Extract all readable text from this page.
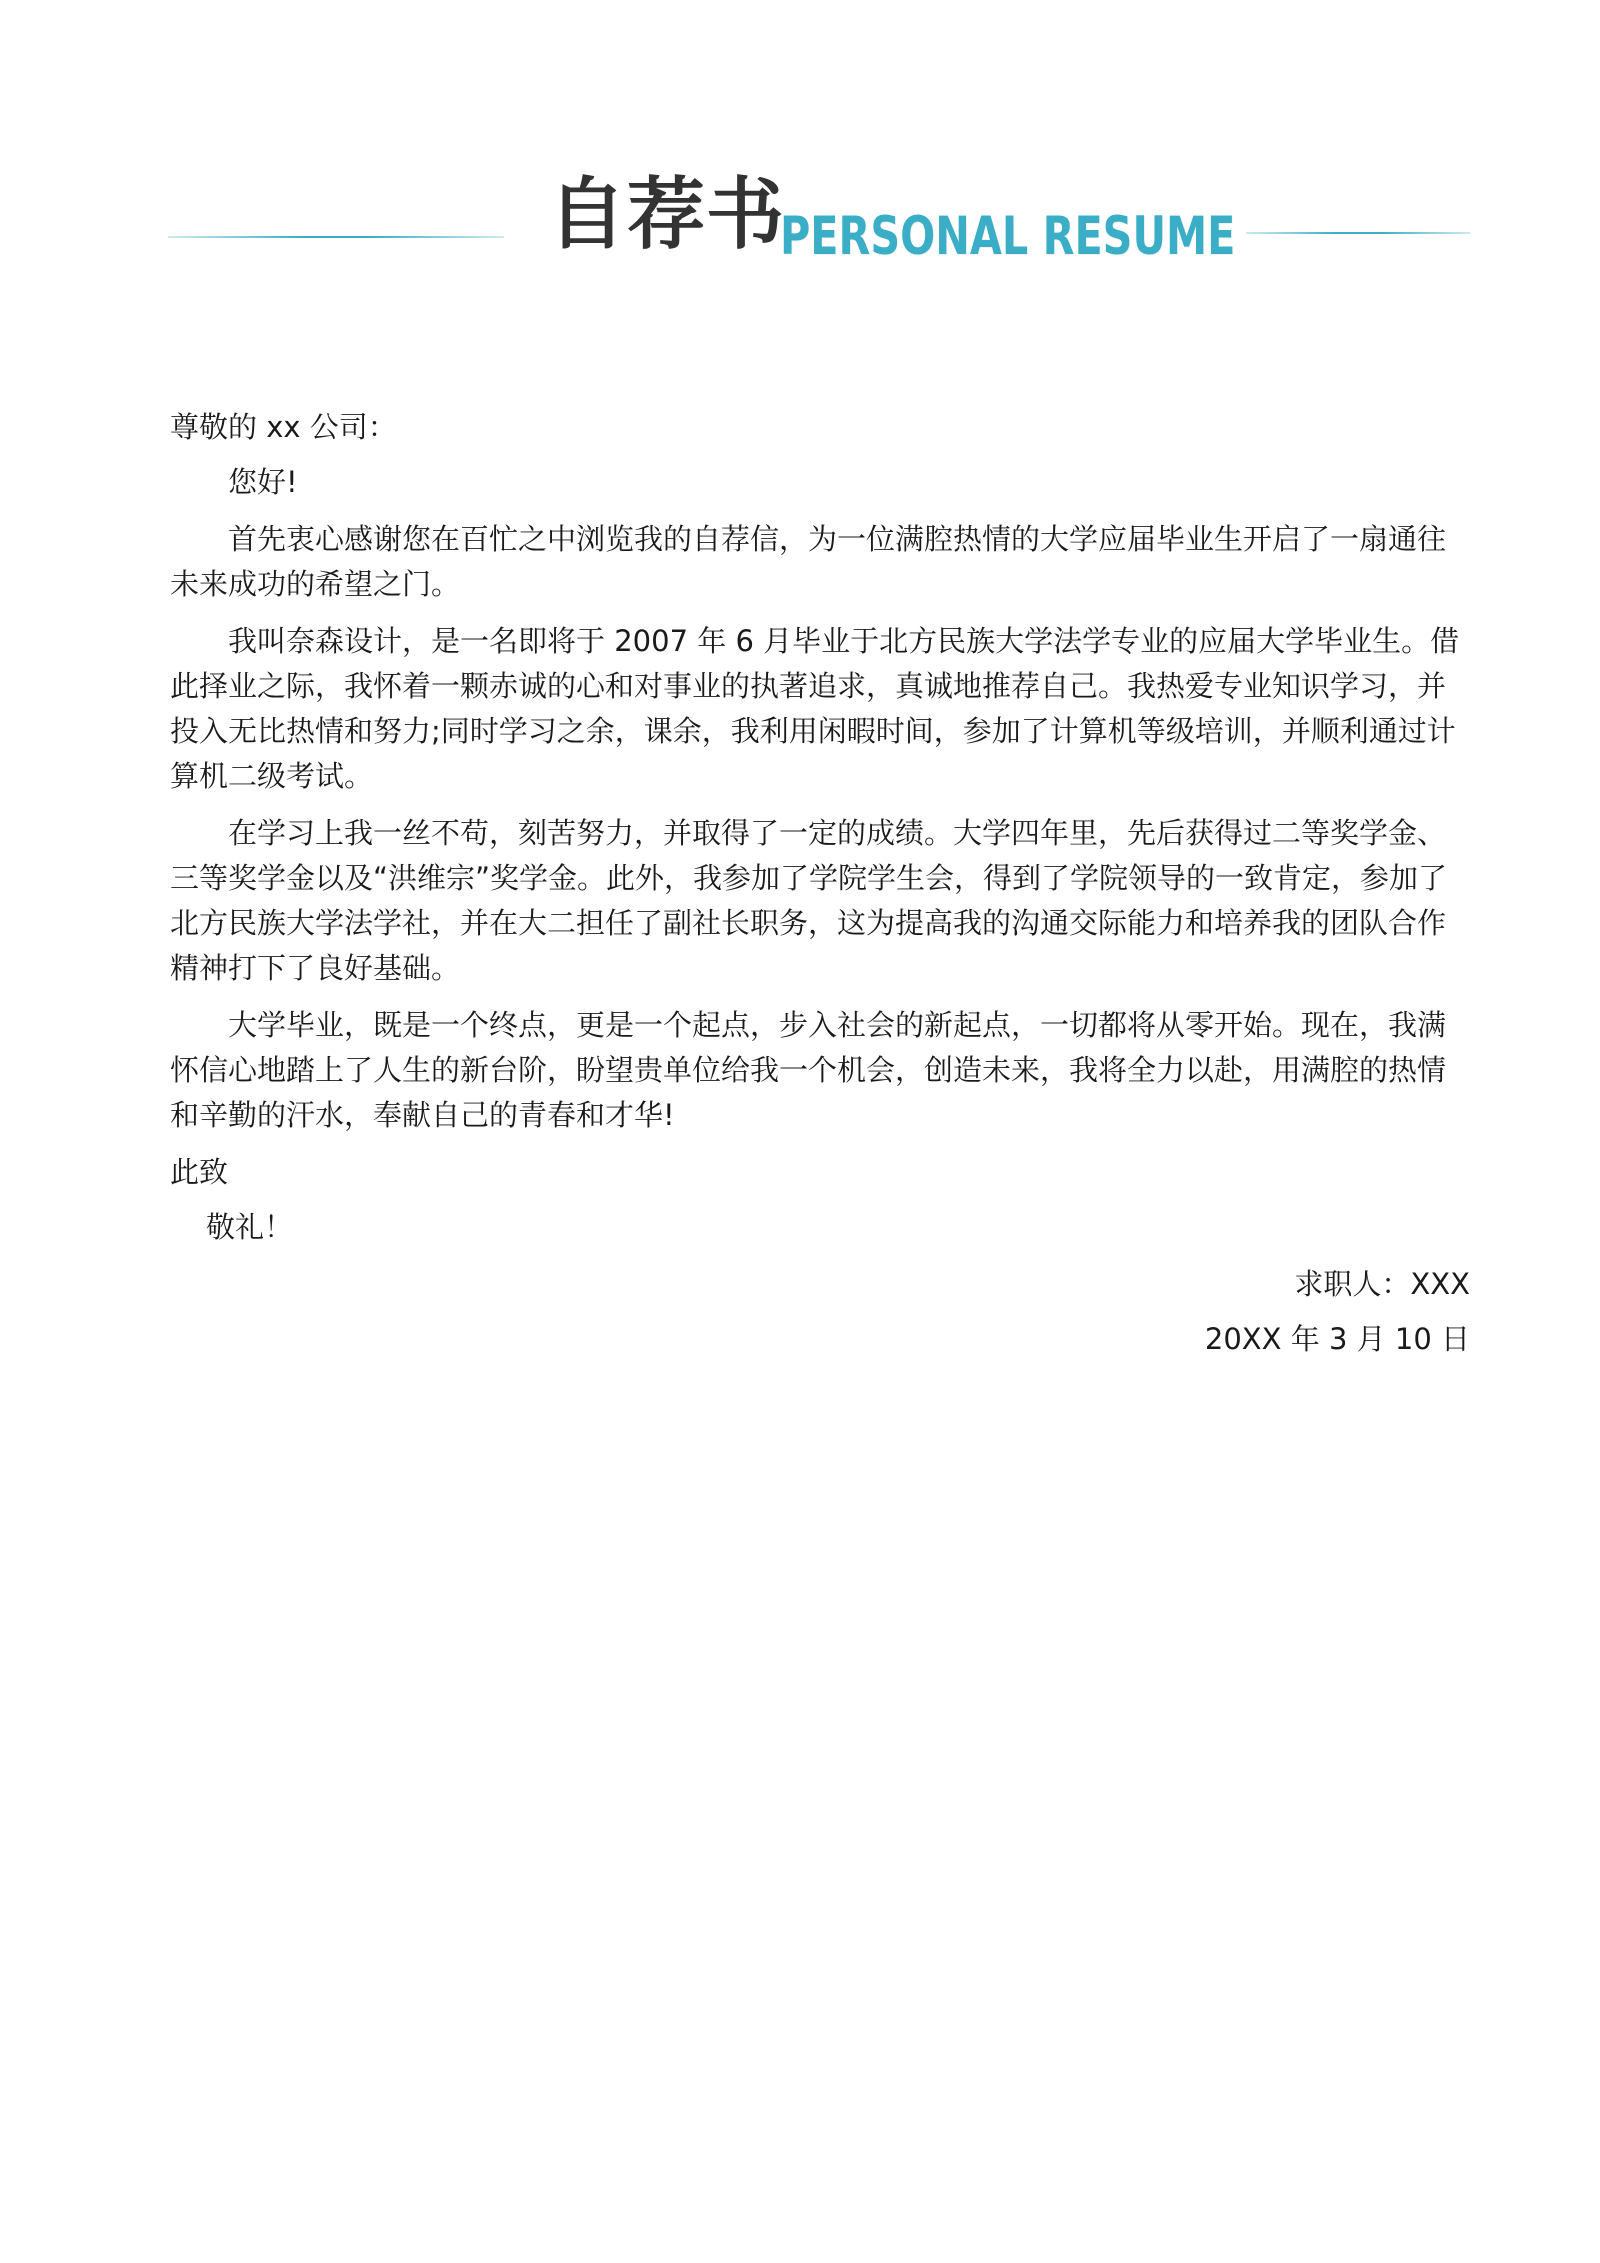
自荐书
PERSONAL RESUME

尊敬的 xx 公司：

您好!

首先衷心感谢您在百忙之中浏览我的自荐信，为一位满腔热情的大学应届毕业生开启了一扇通往未来成功的希望之门。

我叫奈森设计，是一名即将于 2007 年 6 月毕业于北方民族大学法学专业的应届大学毕业生。借此择业之际，我怀着一颗赤诚的心和对事业的执著追求，真诚地推荐自己。我热爱专业知识学习，并投入无比热情和努力;同时学习之余，课余，我利用闲暇时间，参加了计算机等级培训，并顺利通过计算机二级考试。

在学习上我一丝不苟，刻苦努力，并取得了一定的成绩。大学四年里，先后获得过二等奖学金、三等奖学金以及“洪维宗”奖学金。此外，我参加了学院学生会，得到了学院领导的一致肯定，参加了北方民族大学法学社，并在大二担任了副社长职务，这为提高我的沟通交际能力和培养我的团队合作精神打下了良好基础。

大学毕业，既是一个终点，更是一个起点，步入社会的新起点，一切都将从零开始。现在，我满怀信心地踏上了人生的新台阶，盼望贵单位给我一个机会，创造未来，我将全力以赴，用满腔的热情和辛勤的汗水，奉献自己的青春和才华!

此致

敬礼！

求职人：XXX

20XX 年 3 月 10 日
